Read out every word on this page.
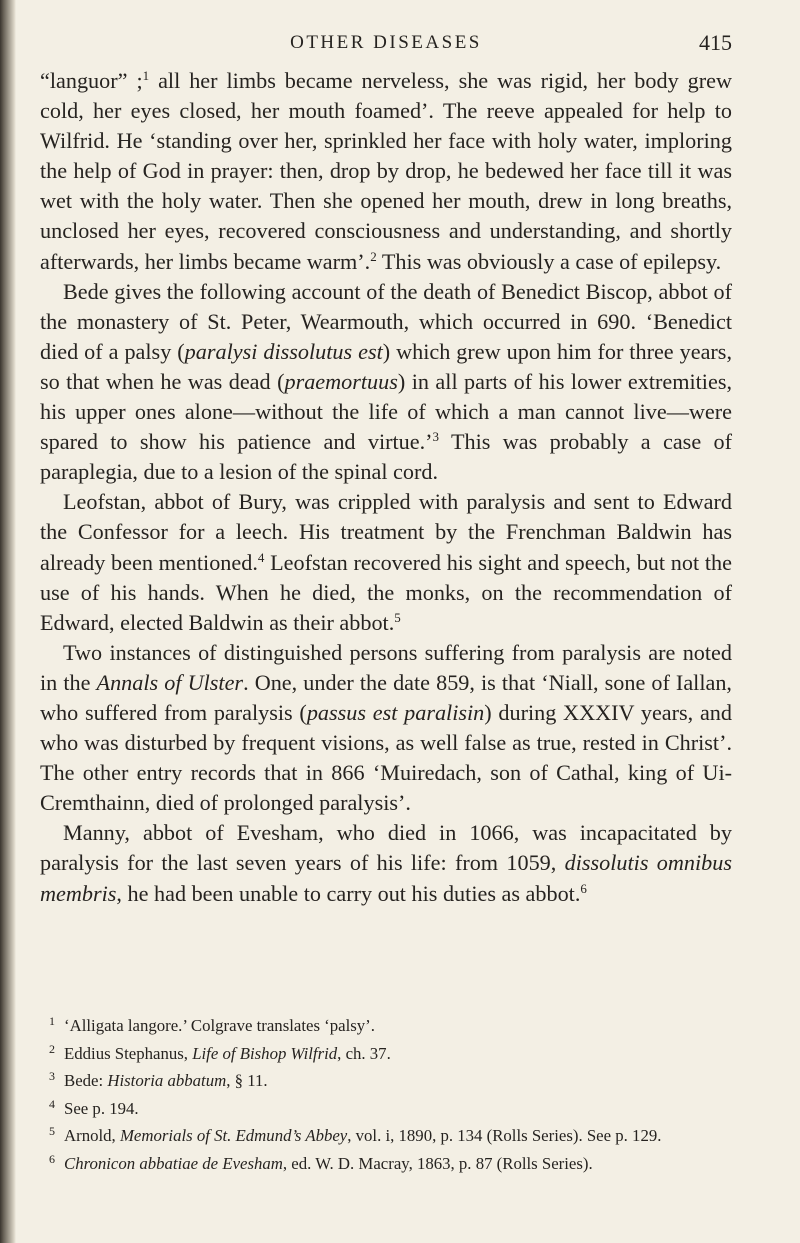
OTHER DISEASES	415

“languor” ;$^1$ all her limbs became nerveless, she was rigid, her body grew cold, her eyes closed, her mouth foamed’. The reeve appealed for help to Wilfrid. He ‘standing over her, sprinkled her face with holy water, imploring the help of God in prayer: then, drop by drop, he bedewed her face till it was wet with the holy water. Then she opened her mouth, drew in long breaths, unclosed her eyes, recovered consciousness and understanding, and shortly afterwards, her limbs became warm’.$^2$ This was obviously a case of epilepsy.

Bede gives the following account of the death of Benedict Biscop, abbot of the monastery of St. Peter, Wearmouth, which occurred in 690. ‘Benedict died of a palsy (paralysi dissolutus est) which grew upon him for three years, so that when he was dead (praemortuus) in all parts of his lower extremities, his upper ones alone—without the life of which a man cannot live—were spared to show his patience and virtue.’$^3$ This was probably a case of paraplegia, due to a lesion of the spinal cord.

Leofstan, abbot of Bury, was crippled with paralysis and sent to Edward the Confessor for a leech. His treatment by the Frenchman Baldwin has already been mentioned.$^4$ Leofstan recovered his sight and speech, but not the use of his hands. When he died, the monks, on the recommendation of Edward, elected Baldwin as their abbot.$^5$

Two instances of distinguished persons suffering from paralysis are noted in the Annals of Ulster. One, under the date 859, is that ‘Niall, sone of Iallan, who suffered from paralysis (passus est paralisin) during XXXIV years, and who was disturbed by frequent visions, as well false as true, rested in Christ’. The other entry records that in 866 ‘Muiredach, son of Cathal, king of Ui-Cremthainn, died of prolonged paralysis’.

Manny, abbot of Evesham, who died in 1066, was incapacitated by paralysis for the last seven years of his life: from 1059, dissolutis omnibus membris, he had been unable to carry out his duties as abbot.$^6$

1 ‘Alligata langore.’ Colgrave translates ‘palsy’.

2 Eddius Stephanus, Life of Bishop Wilfrid, ch. 37.

3 Bede: Historia abbatum, § 11.

4 See p. 194.

5 Arnold, Memorials of St. Edmund’s Abbey, vol. i, 1890, p. 134 (Rolls Series). See p. 129.

6 Chronicon abbatiae de Evesham, ed. W. D. Macray, 1863, p. 87 (Rolls Series).
